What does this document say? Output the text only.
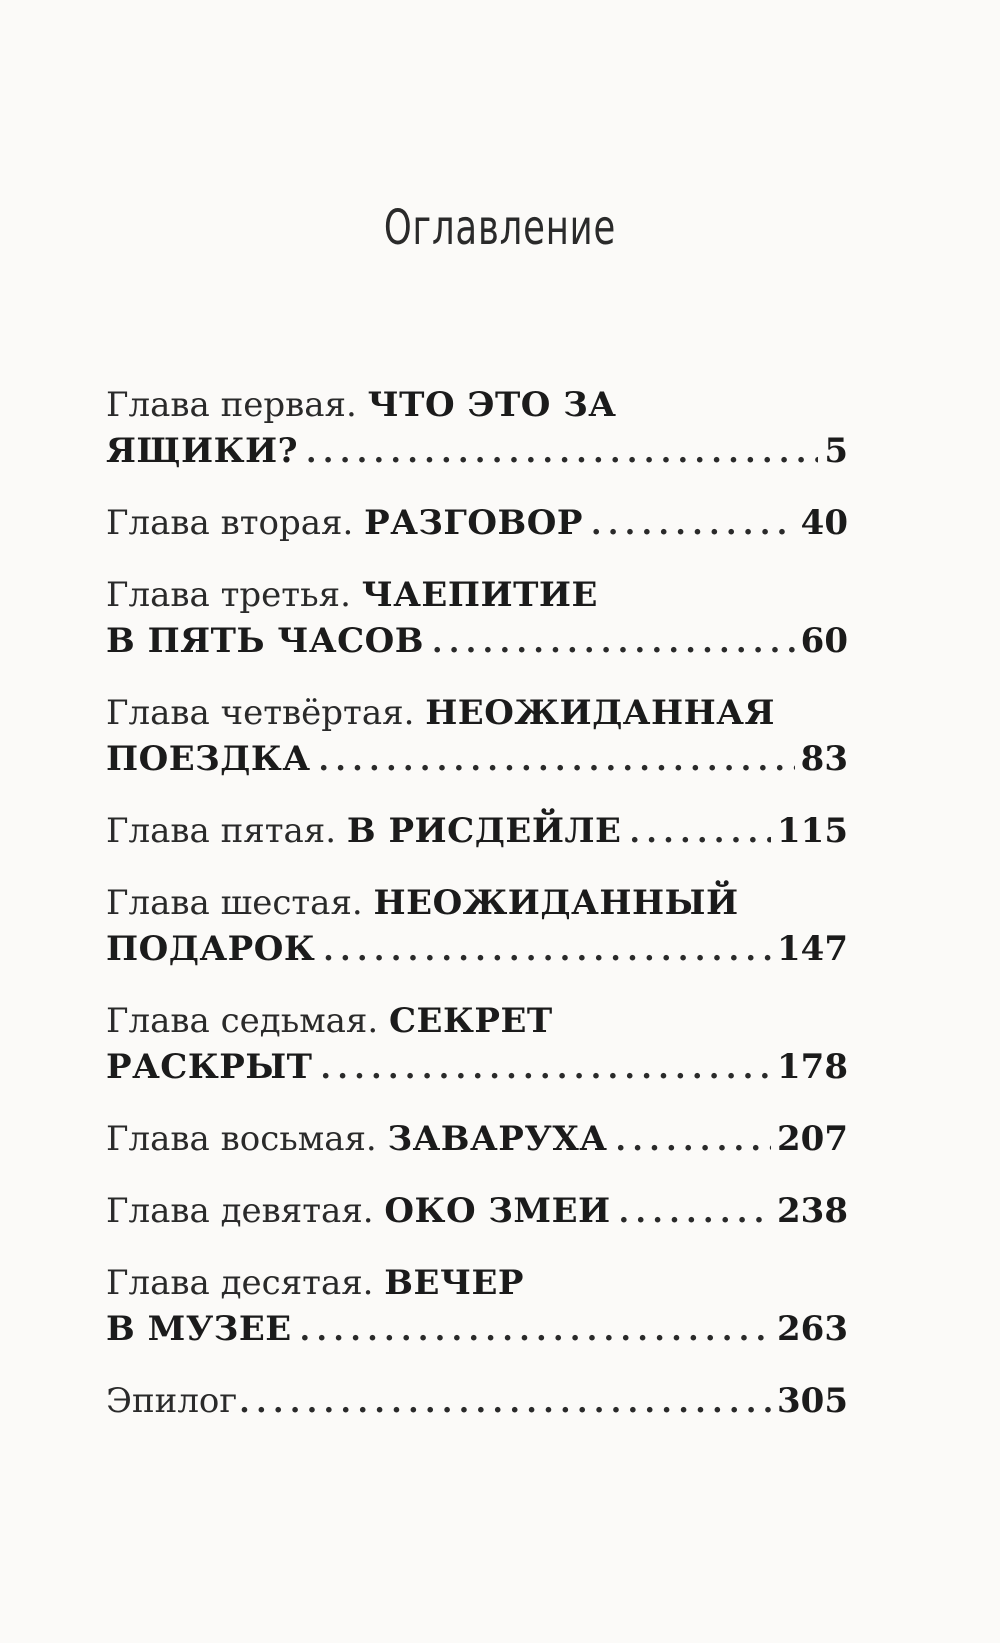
Оглавление
Глава первая.
ЧТО ЭТО ЗА
ЯЩИКИ? . . .	5
Глава вторая.
РАЗГОВОР . . .	40
Глава третья.
ЧАЕПИТИЕ
В ПЯТЬ ЧАСОВ . . .	60
Глава четвёртая.
НЕОЖИДАННАЯ
ПОЕЗДКА . . .	83
Глава пятая.
В РИСДЕЙЛЕ . . .	115
Глава шестая.
НЕОЖИДАННЫЙ
ПОДАРОК . . .	147
Глава седьмая.
СЕКРЕТ
РАСКРЫТ . . .	178
Глава восьмая.
ЗАВАРУХА . . .	207
Глава девятая.
ОКО ЗМЕИ . . .	238
Глава десятая.
ВЕЧЕР
В МУЗЕЕ . . .	263
Эпилог . . .	305
